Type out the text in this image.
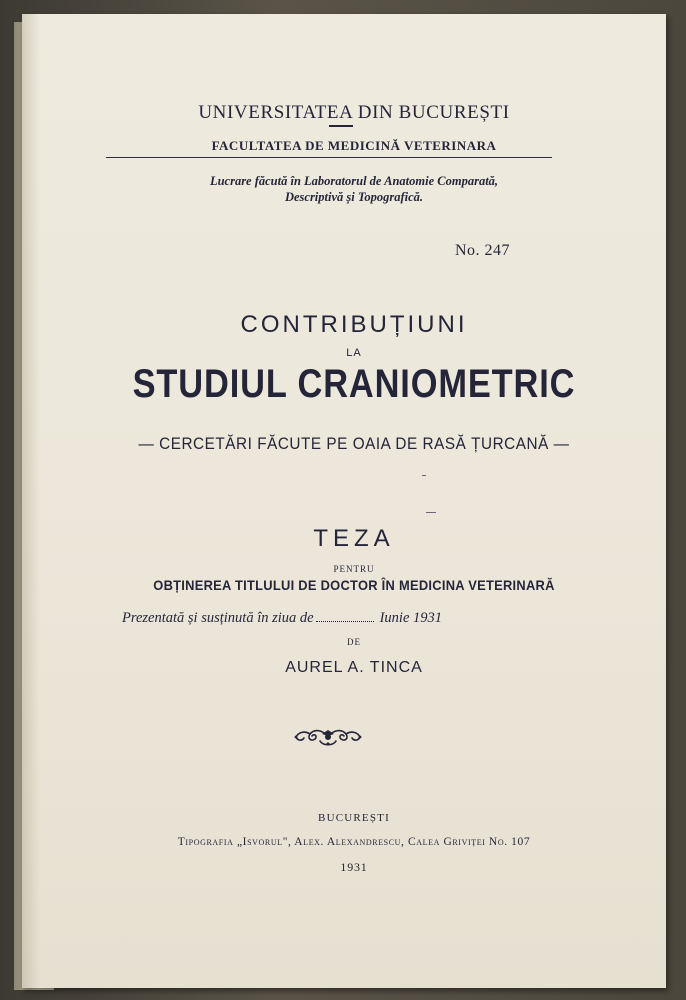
UNIVERSITATEA DIN BUCUREȘTI
FACULTATEA DE MEDICINĂ VETERINARA
Lucrare făcută în Laboratorul de Anatomie Comparată,
Descriptivă și Topografică.
No. 247
CONTRIBUȚIUNI
LA
STUDIUL CRANIOMETRIC
— CERCETĂRI FĂCUTE PE OAIA DE RASĂ ȚURCANĂ —
TEZA
PENTRU
OBȚINEREA TITLULUI DE DOCTOR ÎN MEDICINA VETERINARĂ
Prezentată și susținută în ziua de	Iunie 1931
DE
AUREL A. TINCA
BUCUREȘTI
Tipografia „Isvorul", Alex. Alexandrescu, Calea Griviței No. 107
1931
